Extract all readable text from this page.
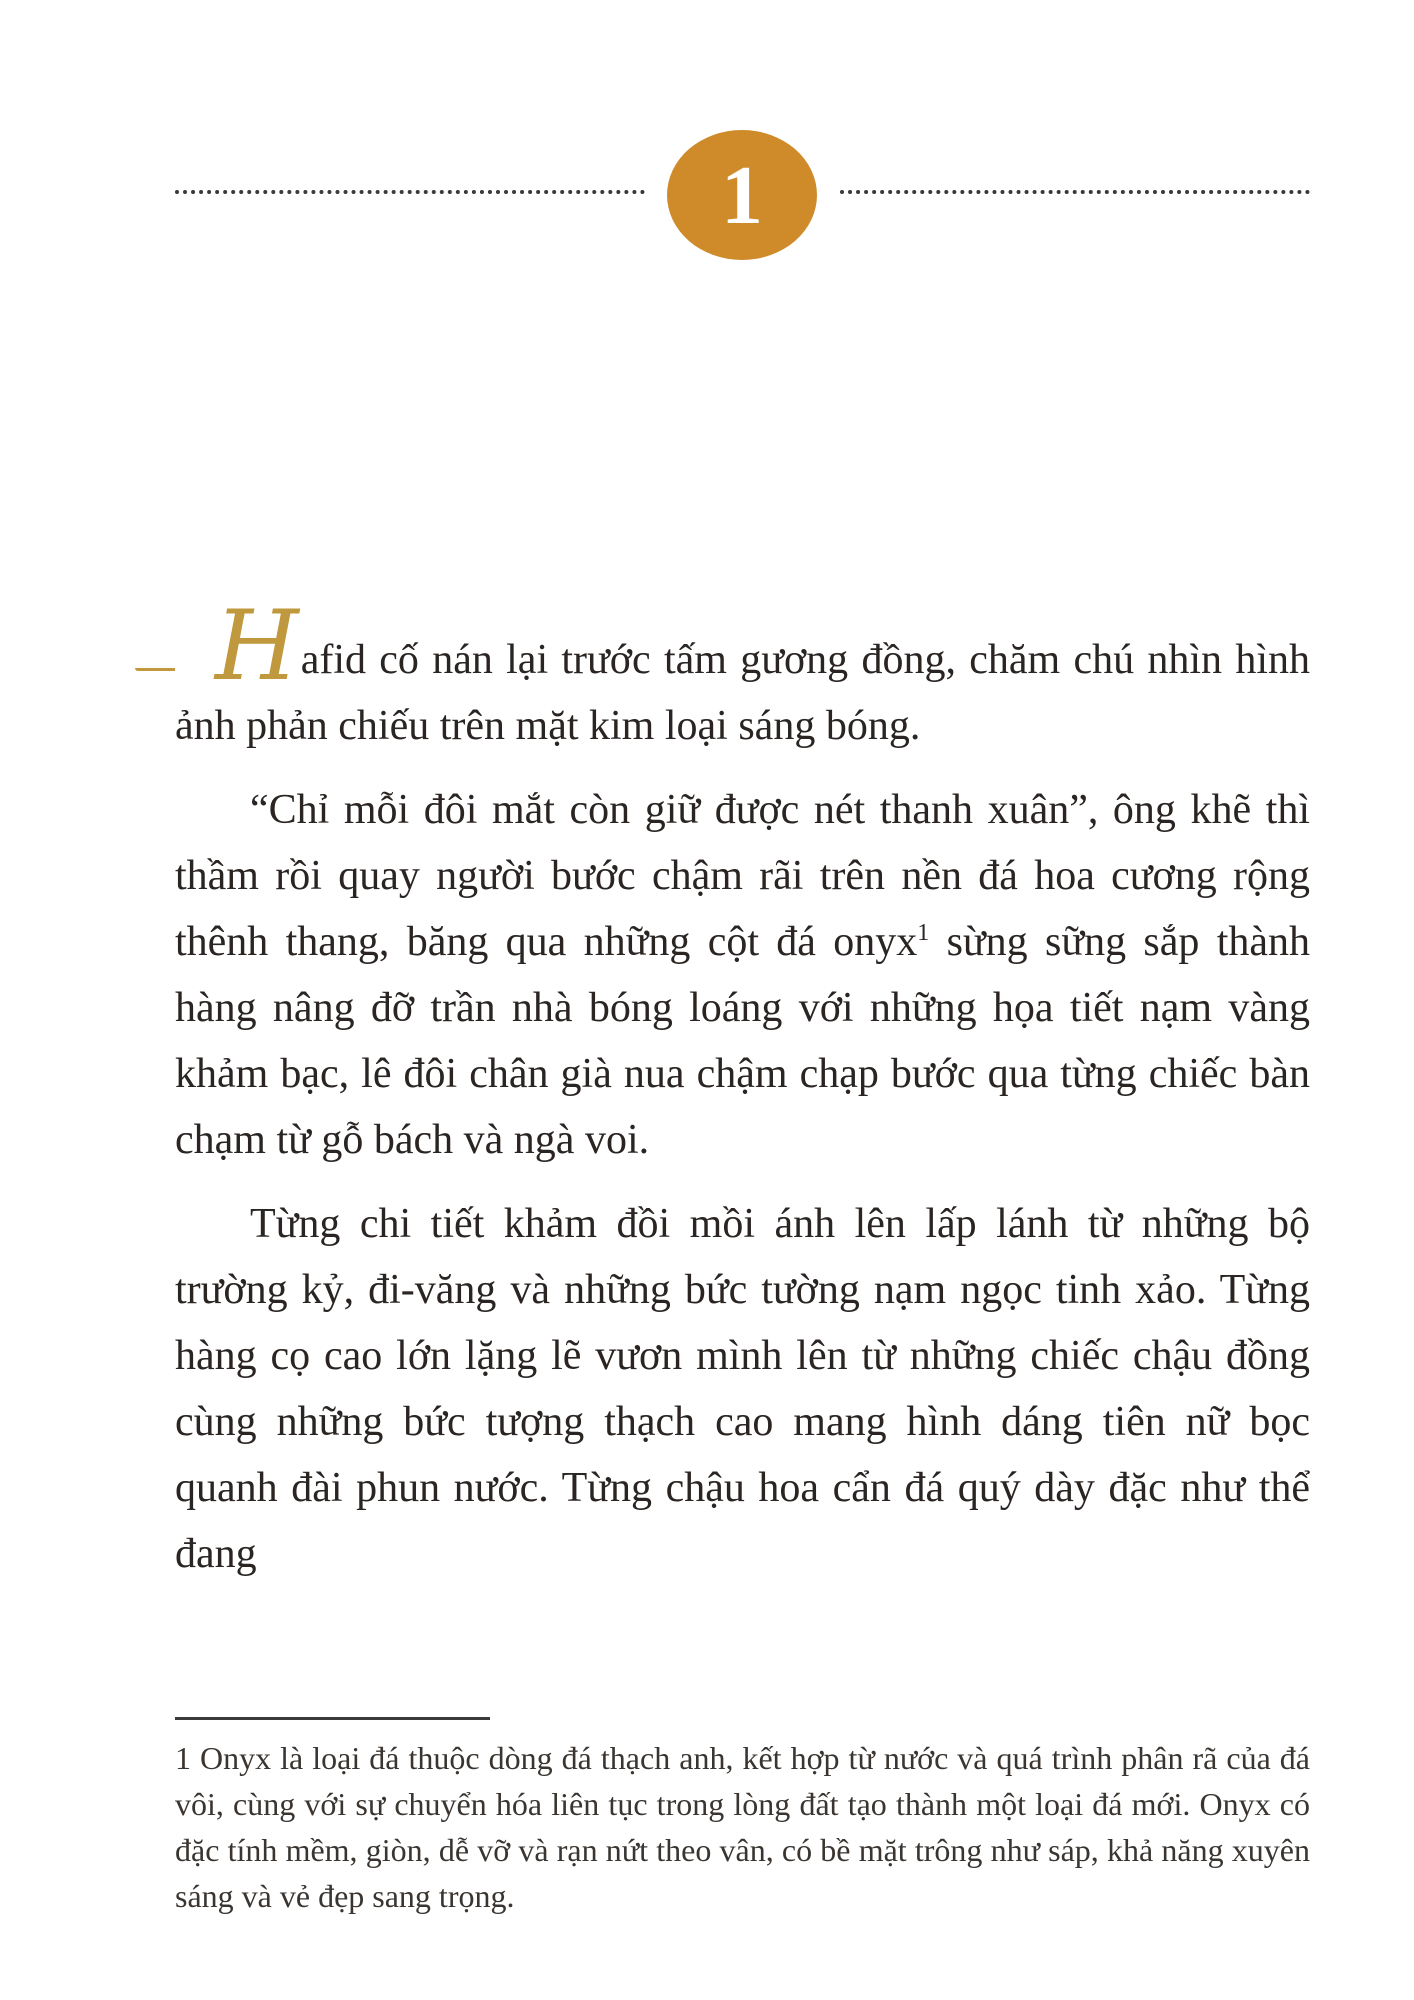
1

Hafid cố nán lại trước tấm gương đồng, chăm chú nhìn hình ảnh phản chiếu trên mặt kim loại sáng bóng.

“Chỉ mỗi đôi mắt còn giữ được nét thanh xuân”, ông khẽ thì thầm rồi quay người bước chậm rãi trên nền đá hoa cương rộng thênh thang, băng qua những cột đá onyx$^1$ sừng sững sắp thành hàng nâng đỡ trần nhà bóng loáng với những họa tiết nạm vàng khảm bạc, lê đôi chân già nua chậm chạp bước qua từng chiếc bàn chạm từ gỗ bách và ngà voi.

Từng chi tiết khảm đồi mồi ánh lên lấp lánh từ những bộ trường kỷ, đi-văng và những bức tường nạm ngọc tinh xảo. Từng hàng cọ cao lớn lặng lẽ vươn mình lên từ những chiếc chậu đồng cùng những bức tượng thạch cao mang hình dáng tiên nữ bọc quanh đài phun nước. Từng chậu hoa cẩn đá quý dày đặc như thể đang

1 Onyx là loại đá thuộc dòng đá thạch anh, kết hợp từ nước và quá trình phân rã của đá vôi, cùng với sự chuyển hóa liên tục trong lòng đất tạo thành một loại đá mới. Onyx có đặc tính mềm, giòn, dễ vỡ và rạn nứt theo vân, có bề mặt trông như sáp, khả năng xuyên sáng và vẻ đẹp sang trọng.
